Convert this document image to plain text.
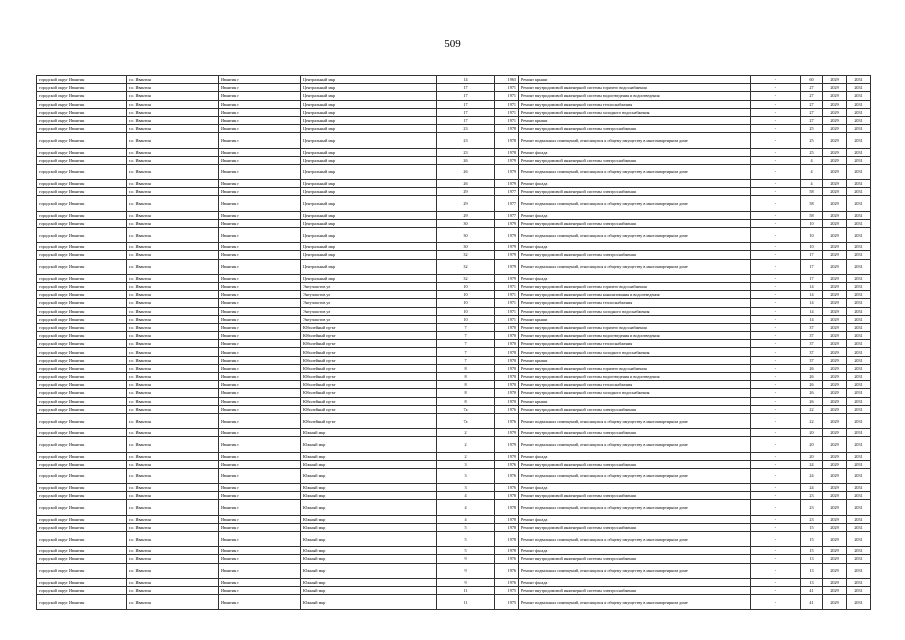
509
городской округ Ивантин	г.о. Ивантин	Ивантин г	Центральный мкр	14	1963	Ремонт крыши	-	60	2029	2031
городской округ Ивантин	г.о. Ивантин	Ивантин г	Центральный мкр	17	1971	Ремонт внутридомовой инженерной системы горячего водоснабжения	-	27	2029	2031
городской округ Ивантин	г.о. Ивантин	Ивантин г	Центральный мкр	17	1971	Ремонт внутридомовой инженерной системы водоотведения и водоотведения	-	27	2029	2031
городской округ Ивантин	г.о. Ивантин	Ивантин г	Центральный мкр	17	1971	Ремонт внутридомовой инженерной системы теплоснабжения	-	27	2029	2031
городской округ Ивантин	г.о. Ивантин	Ивантин г	Центральный мкр	17	1971	Ремонт внутридомовой инженерной системы холодного водоснабжения	-	27	2029	2031
городской округ Ивантин	г.о. Ивантин	Ивантин г	Центральный мкр	17	1971	Ремонт крыши	-	27	2029	2031
городской округ Ивантин	г.о. Ивантин	Ивантин г	Центральный мкр	23	1978	Ремонт внутридомовой инженерной системы электроснабжения	-	25	2029	2031
городской округ Ивантин	г.о. Ивантин	Ивантин г	Центральный мкр	23	1978	Ремонт подвальных помещений, относящихся к общему имуществу в многоквартирном доме	-	25	2029	2031
городской округ Ивантин	г.о. Ивантин	Ивантин г	Центральный мкр	23	1978	Ремонт фасада	-	25	2029	2031
городской округ Ивантин	г.о. Ивантин	Ивантин г	Центральный мкр	26	1979	Ремонт внутридомовой инженерной системы электроснабжения	-	4	2029	2031
городской округ Ивантин	г.о. Ивантин	Ивантин г	Центральный мкр	26	1979	Ремонт подвальных помещений, относящихся к общему имуществу в многоквартирном доме	-	4	2029	2031
городской округ Ивантин	г.о. Ивантин	Ивантин г	Центральный мкр	26	1979	Ремонт фасада	-	4	2029	2031
городской округ Ивантин	г.о. Ивантин	Ивантин г	Центральный мкр	29	1977	Ремонт внутридомовой инженерной системы электроснабжения	-	58	2029	2031
городской округ Ивантин	г.о. Ивантин	Ивантин г	Центральный мкр	29	1977	Ремонт подвальных помещений, относящихся к общему имуществу в многоквартирном доме	-	58	2029	2031
городской округ Ивантин	г.о. Ивантин	Ивантин г	Центральный мкр	29	1977	Ремонт фасада	-	58	2029	2031
городской округ Ивантин	г.о. Ивантин	Ивантин г	Центральный мкр	30	1979	Ремонт внутридомовой инженерной системы электроснабжения	-	10	2029	2031
городской округ Ивантин	г.о. Ивантин	Ивантин г	Центральный мкр	30	1979	Ремонт подвальных помещений, относящихся к общему имуществу в многоквартирном доме	-	10	2029	2031
городской округ Ивантин	г.о. Ивантин	Ивантин г	Центральный мкр	30	1979	Ремонт фасада	-	10	2029	2031
городской округ Ивантин	г.о. Ивантин	Ивантин г	Центральный мкр	32	1979	Ремонт внутридомовой инженерной системы электроснабжения	-	17	2029	2031
городской округ Ивантин	г.о. Ивантин	Ивантин г	Центральный мкр	32	1979	Ремонт подвальных помещений, относящихся к общему имуществу в многоквартирном доме	-	17	2029	2031
городской округ Ивантин	г.о. Ивантин	Ивантин г	Центральный мкр	32	1979	Ремонт фасада	-	17	2029	2031
городской округ Ивантин	г.о. Ивантин	Ивантин г	Энтузиастов ул	10	1971	Ремонт внутридомовой инженерной системы горячего водоснабжения	-	14	2029	2031
городской округ Ивантин	г.о. Ивантин	Ивантин г	Энтузиастов ул	10	1971	Ремонт внутридомовой инженерной системы канализования и водоотведения	-	14	2029	2031
городской округ Ивантин	г.о. Ивантин	Ивантин г	Энтузиастов ул	10	1971	Ремонт внутридомовой инженерной системы теплоснабжения	-	14	2029	2031
городской округ Ивантин	г.о. Ивантин	Ивантин г	Энтузиастов ул	10	1971	Ремонт внутридомовой инженерной системы холодного водоснабжения	-	14	2029	2031
городской округ Ивантин	г.о. Ивантин	Ивантин г	Энтузиастов ул	10	1971	Ремонт крыши	-	14	2029	2031
городской округ Ивантин	г.о. Ивантин	Ивантин г	Юбилейный пр-кт	7	1970	Ремонт внутридомовой инженерной системы горячего водоснабжения	-	37	2029	2031
городской округ Ивантин	г.о. Ивантин	Ивантин г	Юбилейный пр-кт	7	1970	Ремонт внутридомовой инженерной системы водоотведения и водоотведения	-	37	2029	2031
городской округ Ивантин	г.о. Ивантин	Ивантин г	Юбилейный пр-кт	7	1970	Ремонт внутридомовой инженерной системы теплоснабжения	-	37	2029	2031
городской округ Ивантин	г.о. Ивантин	Ивантин г	Юбилейный пр-кт	7	1970	Ремонт внутридомовой инженерной системы холодного водоснабжения	-	37	2029	2031
городской округ Ивантин	г.о. Ивантин	Ивантин г	Юбилейный пр-кт	7	1970	Ремонт крыши	-	37	2029	2031
городской округ Ивантин	г.о. Ивантин	Ивантин г	Юбилейный пр-кт	8	1970	Ремонт внутридомовой инженерной системы горячего водоснабжения	-	26	2029	2031
городской округ Ивантин	г.о. Ивантин	Ивантин г	Юбилейный пр-кт	8	1970	Ремонт внутридомовой инженерной системы водоотведения и водоотведения	-	26	2029	2031
городской округ Ивантин	г.о. Ивантин	Ивантин г	Юбилейный пр-кт	8	1970	Ремонт внутридомовой инженерной системы теплоснабжения	-	26	2029	2031
городской округ Ивантин	г.о. Ивантин	Ивантин г	Юбилейный пр-кт	8	1970	Ремонт внутридомовой инженерной системы холодного водоснабжения	-	26	2029	2031
городской округ Ивантин	г.о. Ивантин	Ивантин г	Юбилейный пр-кт	8	1970	Ремонт крыши	-	26	2029	2031
городской округ Ивантин	г.о. Ивантин	Ивантин г	Юбилейный пр-кт	7а	1976	Ремонт внутридомовой инженерной системы электроснабжения	-	22	2029	2031
городской округ Ивантин	г.о. Ивантин	Ивантин г	Юбилейный пр-кт	7а	1976	Ремонт подвальных помещений, относящихся к общему имуществу в многоквартирном доме	-	22	2029	2031
городской округ Ивантин	г.о. Ивантин	Ивантин г	Южный мкр	2	1979	Ремонт внутридомовой инженерной системы электроснабжения	-	20	2029	2031
городской округ Ивантин	г.о. Ивантин	Ивантин г	Южный мкр	2	1979	Ремонт подвальных помещений, относящихся к общему имуществу в многоквартирном доме	-	20	2029	2031
городской округ Ивантин	г.о. Ивантин	Ивантин г	Южный мкр	2	1979	Ремонт фасада	-	20	2029	2031
городской округ Ивантин	г.о. Ивантин	Ивантин г	Южный мкр	3	1976	Ремонт внутридомовой инженерной системы электроснабжения	-	24	2029	2031
городской округ Ивантин	г.о. Ивантин	Ивантин г	Южный мкр	3	1976	Ремонт подвальных помещений, относящихся к общему имуществу в многоквартирном доме	-	24	2029	2031
городской округ Ивантин	г.о. Ивантин	Ивантин г	Южный мкр	3	1976	Ремонт фасада	-	24	2029	2031
городской округ Ивантин	г.о. Ивантин	Ивантин г	Южный мкр	4	1978	Ремонт внутридомовой инженерной системы электроснабжения	-	23	2029	2031
городской округ Ивантин	г.о. Ивантин	Ивантин г	Южный мкр	4	1978	Ремонт подвальных помещений, относящихся к общему имуществу в многоквартирном доме	-	23	2029	2031
городской округ Ивантин	г.о. Ивантин	Ивантин г	Южный мкр	4	1978	Ремонт фасада	-	23	2029	2031
городской округ Ивантин	г.о. Ивантин	Ивантин г	Южный мкр	5	1978	Ремонт внутридомовой инженерной системы электроснабжения	-	15	2029	2031
городской округ Ивантин	г.о. Ивантин	Ивантин г	Южный мкр	5	1978	Ремонт подвальных помещений, относящихся к общему имуществу в многоквартирном доме	-	15	2029	2031
городской округ Ивантин	г.о. Ивантин	Ивантин г	Южный мкр	5	1978	Ремонт фасада	-	15	2029	2031
городской округ Ивантин	г.о. Ивантин	Ивантин г	Южный мкр	9	1976	Ремонт внутридомовой инженерной системы электроснабжения	-	13	2029	2031
городской округ Ивантин	г.о. Ивантин	Ивантин г	Южный мкр	9	1976	Ремонт подвальных помещений, относящихся к общему имуществу в многоквартирном доме	-	13	2029	2031
городской округ Ивантин	г.о. Ивантин	Ивантин г	Южный мкр	9	1976	Ремонт фасада	-	13	2029	2031
городской округ Ивантин	г.о. Ивантин	Ивантин г	Южный мкр	11	1975	Ремонт внутридомовой инженерной системы электроснабжения	-	41	2029	2031
городской округ Ивантин	г.о. Ивантин	Ивантин г	Южный мкр	11	1975	Ремонт подвальных помещений, относящихся к общему имуществу в многоквартирном доме	-	41	2029	2031
